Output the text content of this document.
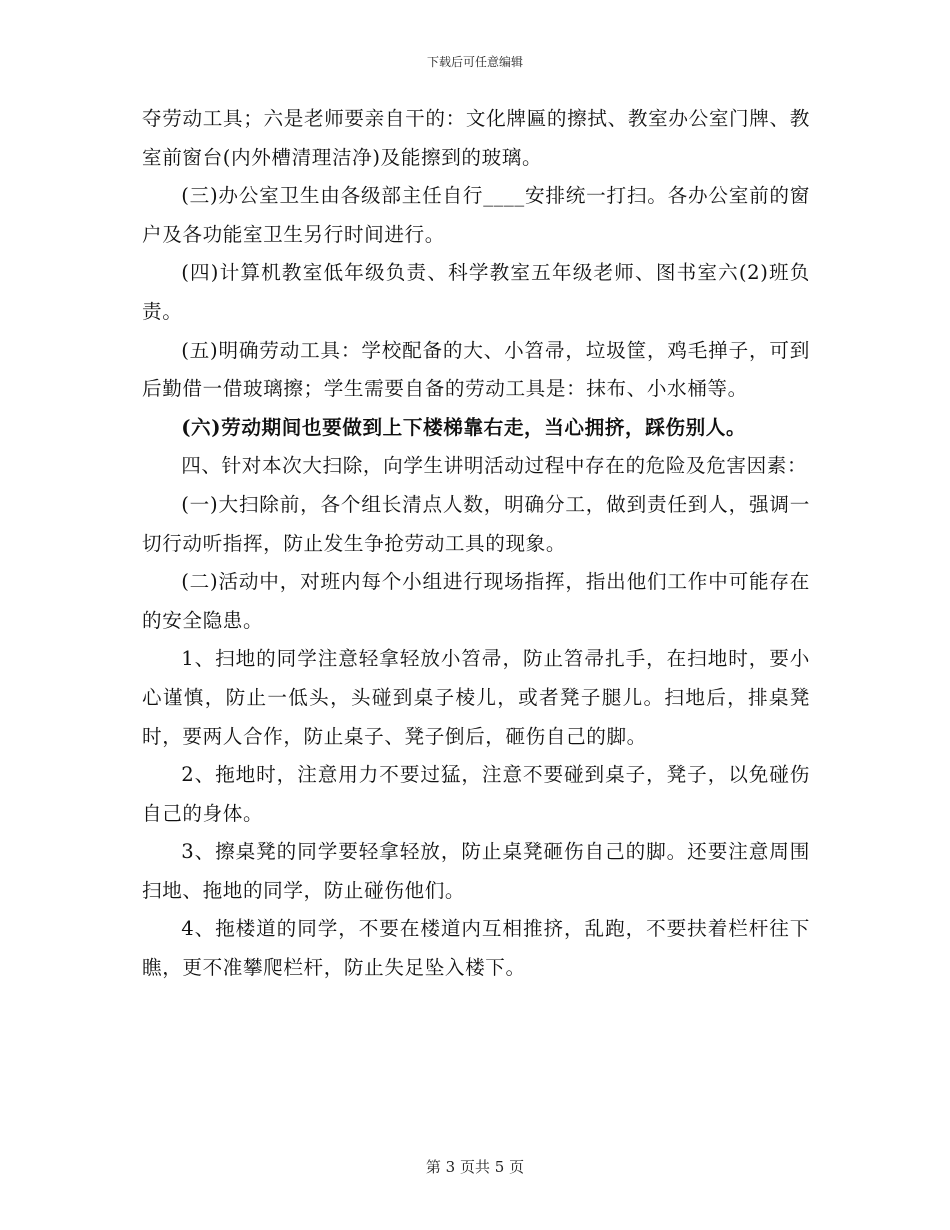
下载后可任意编辑

夺劳动工具；六是老师要亲自干的：文化牌匾的擦拭、教室办公室门牌、教室前窗台(内外槽清理洁净)及能擦到的玻璃。

(三)办公室卫生由各级部主任自行____安排统一打扫。各办公室前的窗户及各功能室卫生另行时间进行。

(四)计算机教室低年级负责、科学教室五年级老师、图书室六(2)班负责。

(五)明确劳动工具：学校配备的大、小笤帚，垃圾筐，鸡毛掸子，可到后勤借一借玻璃擦；学生需要自备的劳动工具是：抹布、小水桶等。

(六)劳动期间也要做到上下楼梯靠右走，当心拥挤，踩伤别人。

四、针对本次大扫除，向学生讲明活动过程中存在的危险及危害因素：

(一)大扫除前，各个组长清点人数，明确分工，做到责任到人，强调一切行动听指挥，防止发生争抢劳动工具的现象。

(二)活动中，对班内每个小组进行现场指挥，指出他们工作中可能存在的安全隐患。

1、扫地的同学注意轻拿轻放小笤帚，防止笤帚扎手，在扫地时，要小心谨慎，防止一低头，头碰到桌子棱儿，或者凳子腿儿。扫地后，排桌凳时，要两人合作，防止桌子、凳子倒后，砸伤自己的脚。

2、拖地时，注意用力不要过猛，注意不要碰到桌子，凳子，以免碰伤自己的身体。

3、擦桌凳的同学要轻拿轻放，防止桌凳砸伤自己的脚。还要注意周围扫地、拖地的同学，防止碰伤他们。

4、拖楼道的同学，不要在楼道内互相推挤，乱跑，不要扶着栏杆往下瞧，更不准攀爬栏杆，防止失足坠入楼下。

第 3 页共 5 页
